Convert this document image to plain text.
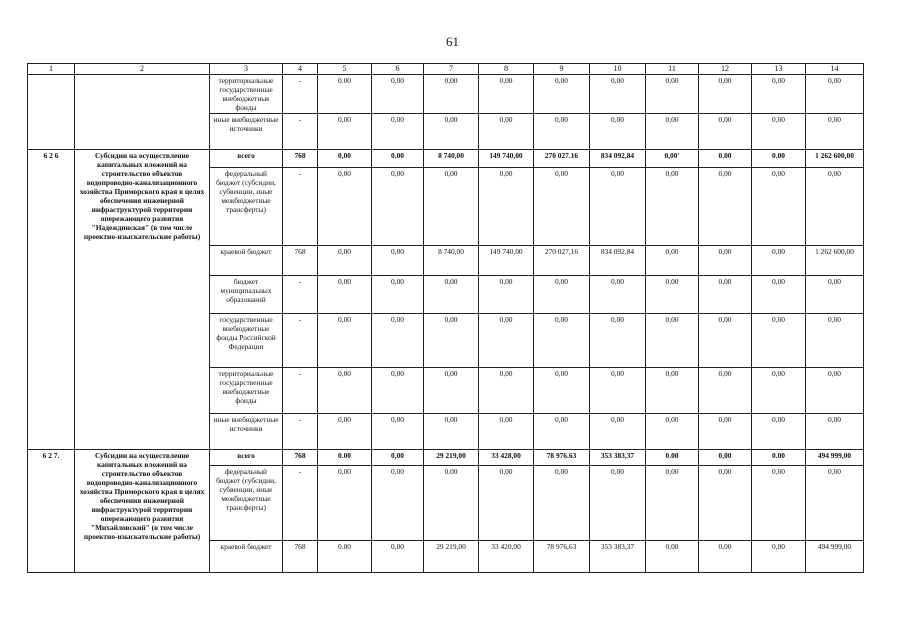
61
1	2	3	4	5	6	7	8	9	10	11	12	13	14
		территориальные государственные внебюджетные фонды	-	0.00	0,00	0,00	0,00	0,00	0,00	0,00	0,00	0,00	0,00
		иные внебюджетные источники	-	0,00	0,00	0,00	0,00	0,00	0,00	0,00	0,00	0,00	0,00
6 2 6	Субсидии на осуществление капитальных вложений на строительство объектов водопроводно-канализационного хозяйства Приморского края в целях обеспечения инженерной инфраструктурой территории опережающего развития "Надеждинская" (в том числе проектно-изыскательские работы)	всего	768	0,00	0.00	8 740,00	149 740,00	270 027.16	834 092,84	0,00'	0.00	0.00	1 262 600,00
		федеральный бюджет (субсидии, субвенции, иные межбюджетные трансферты)	-	0,00	0,00	0,00	0,00	0,00	0,00	0,00	0,00	0,00	0,00
		краевой бюджет	768	0,00	0,00	8 740,00	149 740,00	270 027,16	834 092,84	0,00	0,00	0,00	1 262 600,00
		бюджет муниципальных образований	-	0,00	0,00	0,00	0,00	0,00	0,00	0,00	0,00	0,00	0,00
		государственные внебюджетные фонды Российской Федерации	-	0,00	0,00	0,00	0,00	0,00	0,00	0,00	0,00	0,00	0,00
		территориальные государственные внебюджетные фонды	-	0,00	0,00	0,00	0,00	0,00	0,00	0,00	0,00	0,00	0,00
		иные внебюджетные источники	-	0,00	0,00	0,00	0,00	0,00	0,00	0,00	0,00	0,00	0,00
6 2 7.	Субсидии на осуществление капитальных вложений на строительство объектов водопроводно-канализационного хозяйства Приморского края в целях обеспечения инженерной инфраструктурой территории опережающего развития "Михайловский" (в том числе проектно-изыскательские работы)	всего	768	0.00	0,00	29 219,00	33 428,00	78 976.63	353 383,37	0.00	0,00	0.00	494 999,00
		федеральный бюджет (субсидии, субвенции, иные межбюджетные трансферты)	-	0,00	0,00	0.00	0,00	0,00	0,00	0,00	0,00	0,00	0,00
		краевой бюджет	768	0.00	0,00	29 219,00	33 420,00	78 976,63	353 383,37	0,00	0,00	0,00	494 999,00
